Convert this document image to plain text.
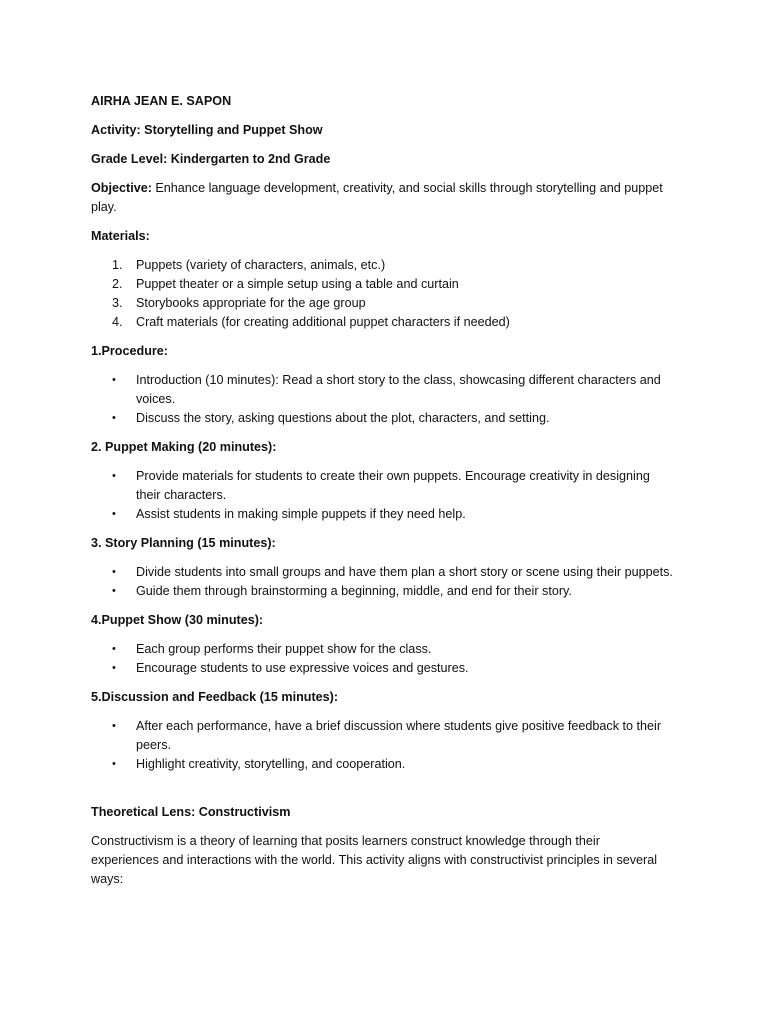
AIRHA JEAN E. SAPON

Activity: Storytelling and Puppet Show

Grade Level: Kindergarten to 2nd Grade

Objective: Enhance language development, creativity, and social skills through storytelling and puppet
play.

Materials:

1. Puppets (variety of characters, animals, etc.)
2. Puppet theater or a simple setup using a table and curtain
3. Storybooks appropriate for the age group
4. Craft materials (for creating additional puppet characters if needed)

1.Procedure:

• Introduction (10 minutes): Read a short story to the class, showcasing different characters and
voices.
• Discuss the story, asking questions about the plot, characters, and setting.

2. Puppet Making (20 minutes):

• Provide materials for students to create their own puppets. Encourage creativity in designing
their characters.
• Assist students in making simple puppets if they need help.

3. Story Planning (15 minutes):

• Divide students into small groups and have them plan a short story or scene using their puppets.
• Guide them through brainstorming a beginning, middle, and end for their story.

4.Puppet Show (30 minutes):

• Each group performs their puppet show for the class.
• Encourage students to use expressive voices and gestures.

5.Discussion and Feedback (15 minutes):

• After each performance, have a brief discussion where students give positive feedback to their
peers.
• Highlight creativity, storytelling, and cooperation.

Theoretical Lens: Constructivism

Constructivism is a theory of learning that posits learners construct knowledge through their
experiences and interactions with the world. This activity aligns with constructivist principles in several
ways:
